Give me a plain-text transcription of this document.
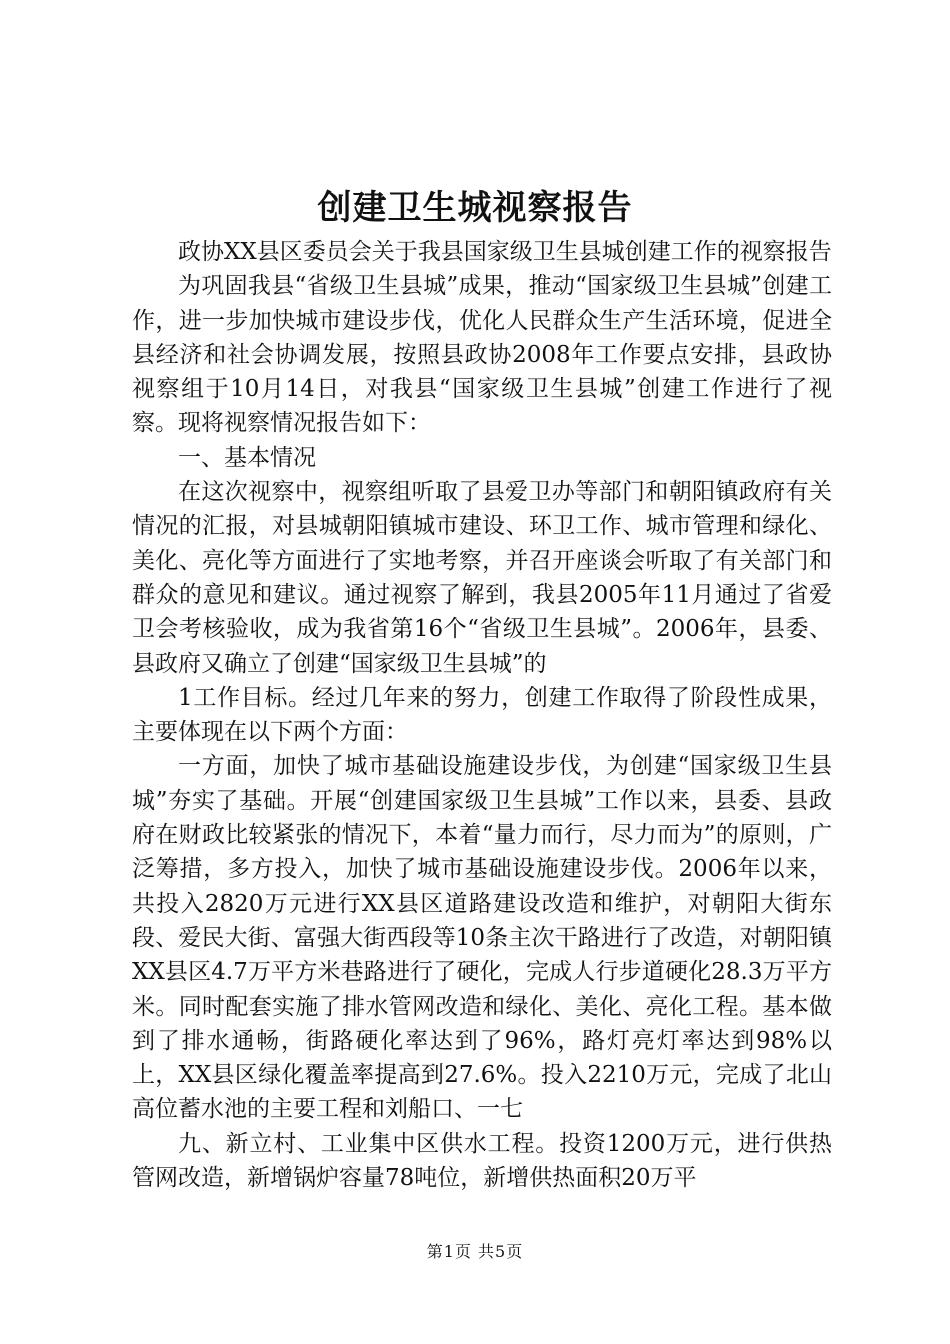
创建卫生城视察报告

政协XX县区委员会关于我县国家级卫生县城创建工作的视察报告

为巩固我县“省级卫生县城”成果，推动“国家级卫生县城”创建工作，进一步加快城市建设步伐，优化人民群众生产生活环境，促进全县经济和社会协调发展，按照县政协2008年工作要点安排，县政协视察组于10月14日，对我县“国家级卫生县城”创建工作进行了视察。现将视察情况报告如下：

一、基本情况

在这次视察中，视察组听取了县爱卫办等部门和朝阳镇政府有关情况的汇报，对县城朝阳镇城市建设、环卫工作、城市管理和绿化、美化、亮化等方面进行了实地考察，并召开座谈会听取了有关部门和群众的意见和建议。通过视察了解到，我县2005年11月通过了省爱卫会考核验收，成为我省第16个“省级卫生县城”。2006年，县委、县政府又确立了创建“国家级卫生县城”的

1工作目标。经过几年来的努力，创建工作取得了阶段性成果，主要体现在以下两个方面：

一方面，加快了城市基础设施建设步伐，为创建“国家级卫生县城”夯实了基础。开展“创建国家级卫生县城”工作以来，县委、县政府在财政比较紧张的情况下，本着“量力而行，尽力而为”的原则，广泛筹措，多方投入，加快了城市基础设施建设步伐。2006年以来，共投入2820万元进行XX县区道路建设改造和维护，对朝阳大街东段、爱民大街、富强大街西段等10条主次干路进行了改造，对朝阳镇XX县区4.7万平方米巷路进行了硬化，完成人行步道硬化28.3万平方米。同时配套实施了排水管网改造和绿化、美化、亮化工程。基本做到了排水通畅，街路硬化率达到了96%，路灯亮灯率达到98%以上，XX县区绿化覆盖率提高到27.6%。投入2210万元，完成了北山高位蓄水池的主要工程和刘船口、一七

九、新立村、工业集中区供水工程。投资1200万元，进行供热管网改造，新增锅炉容量78吨位，新增供热面积20万平

第1页 共5页
